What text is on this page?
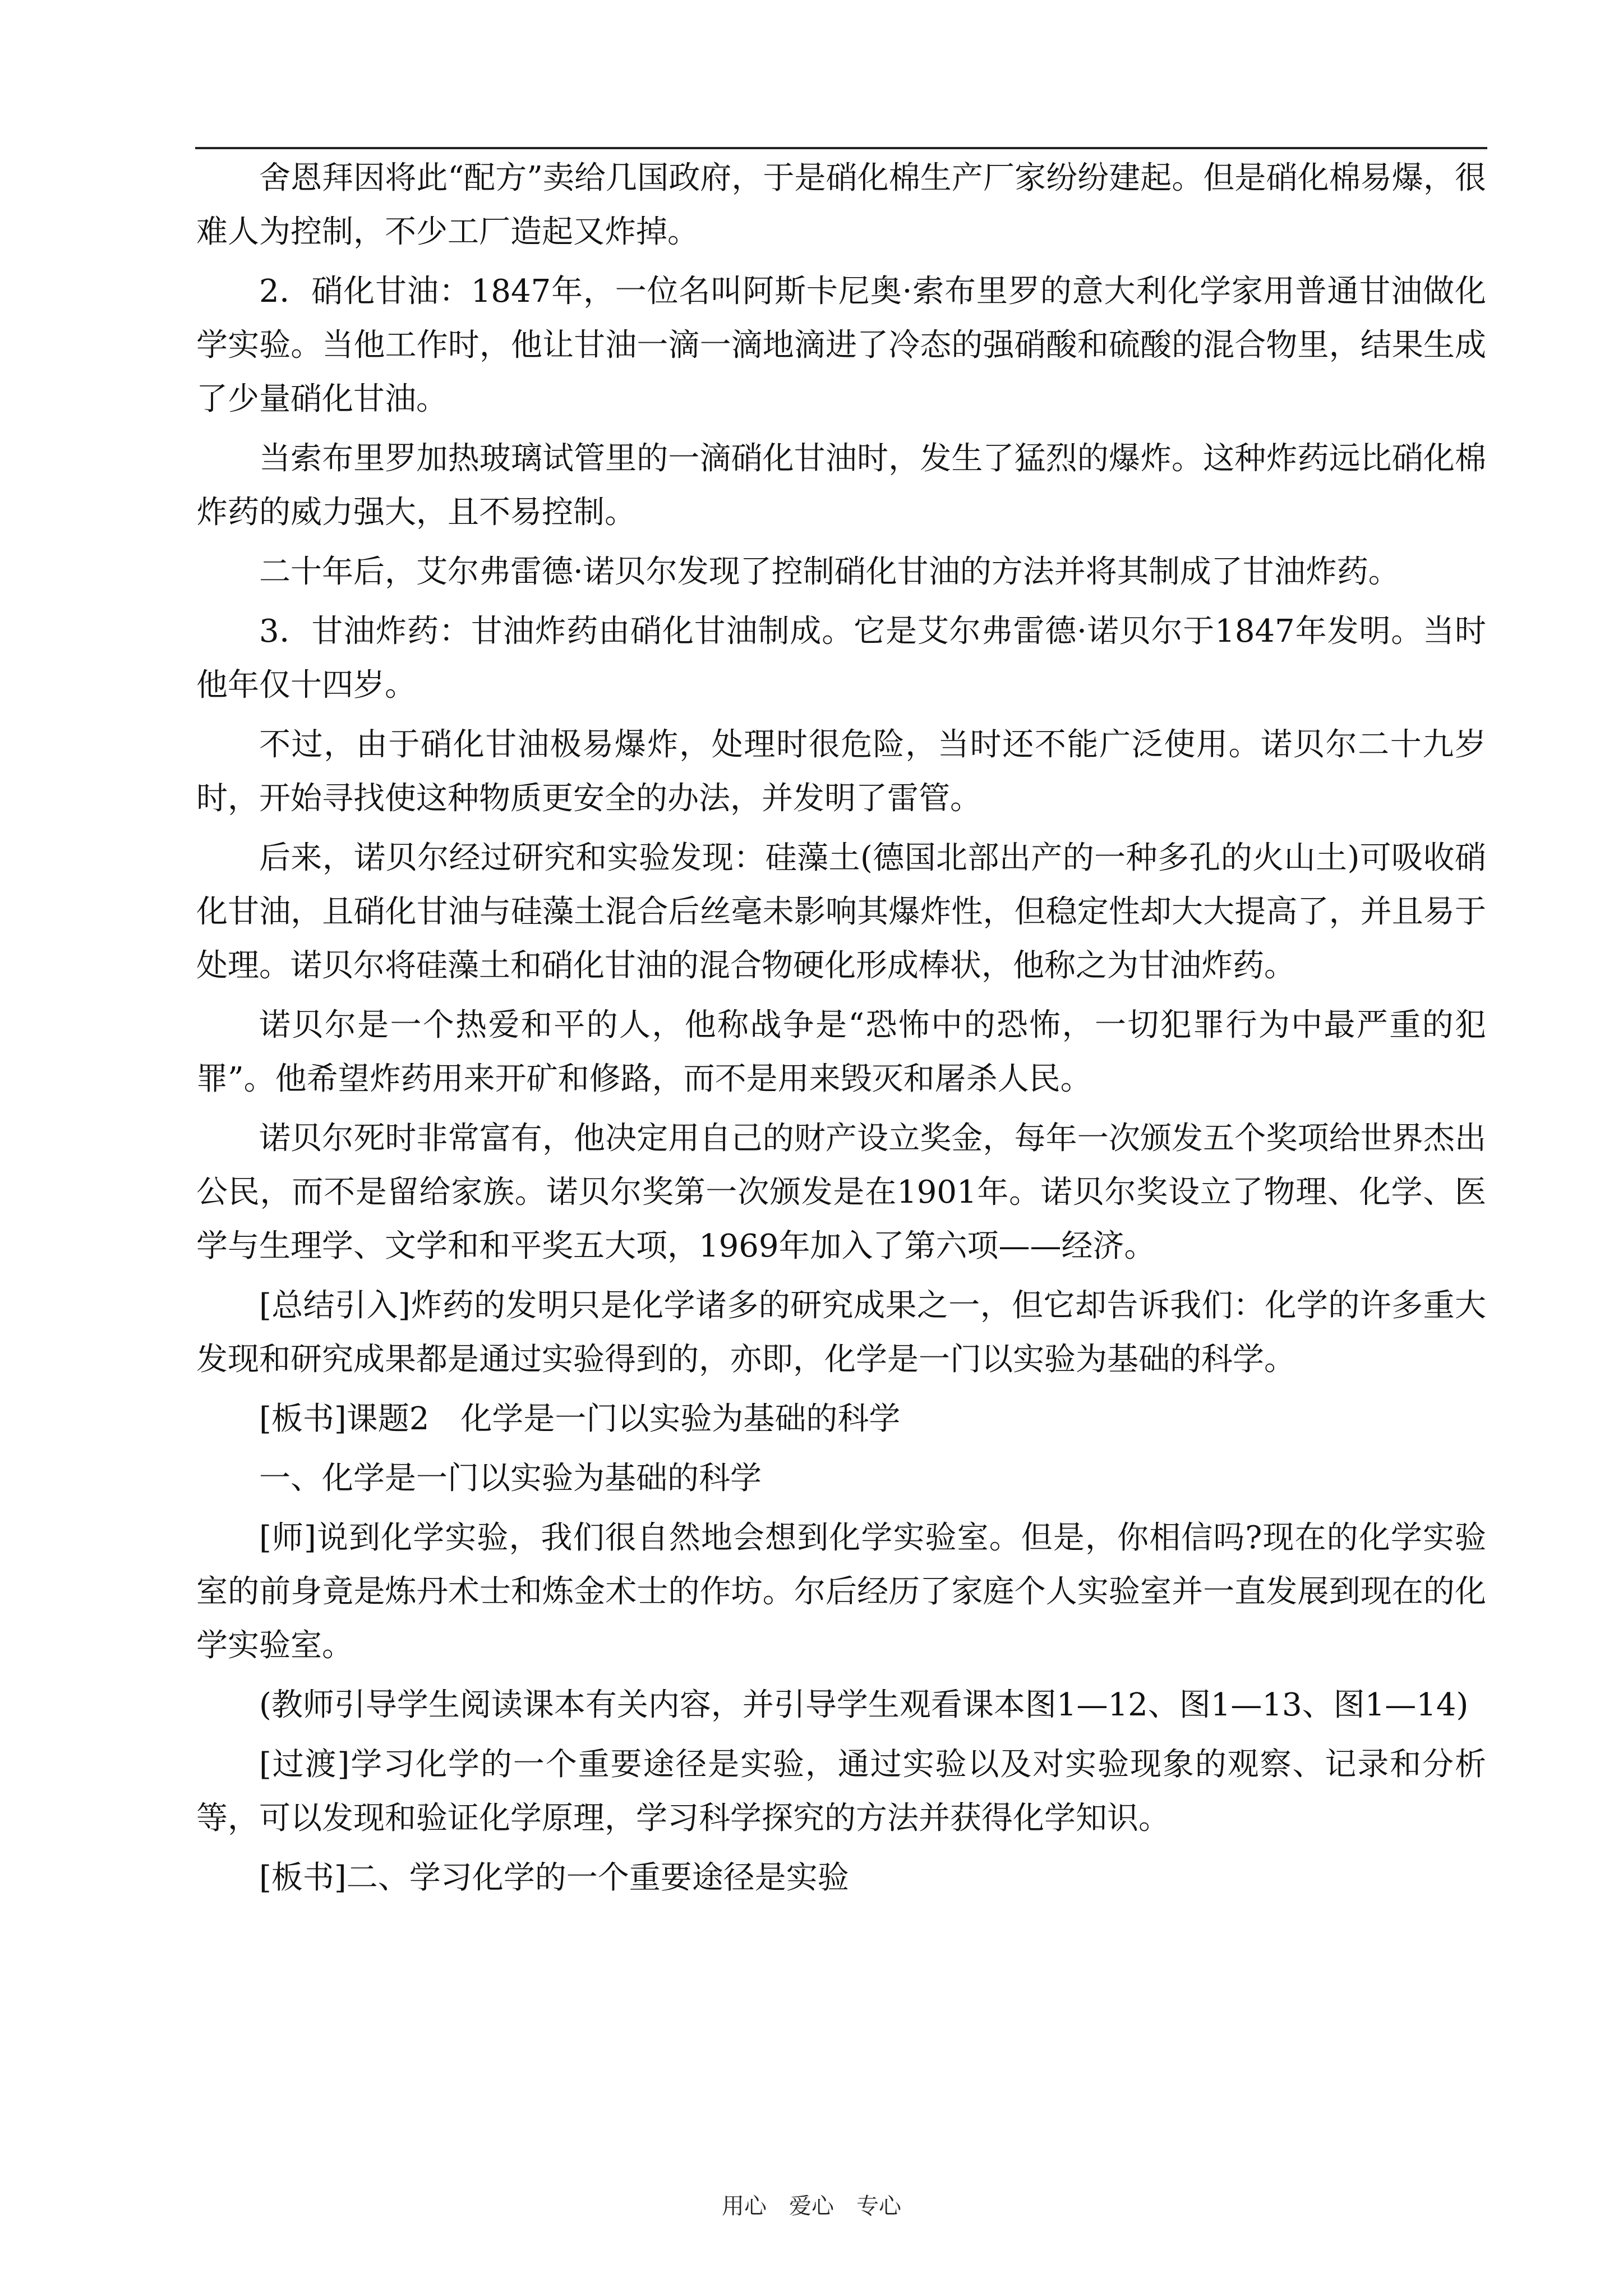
舍恩拜因将此“配方”卖给几国政府，于是硝化棉生产厂家纷纷建起。但是硝化棉易爆，很难人为控制，不少工厂造起又炸掉。

2．硝化甘油：1847年，一位名叫阿斯卡尼奥·索布里罗的意大利化学家用普通甘油做化学实验。当他工作时，他让甘油一滴一滴地滴进了冷态的强硝酸和硫酸的混合物里，结果生成了少量硝化甘油。

当索布里罗加热玻璃试管里的一滴硝化甘油时，发生了猛烈的爆炸。这种炸药远比硝化棉炸药的威力强大，且不易控制。

二十年后，艾尔弗雷德·诺贝尔发现了控制硝化甘油的方法并将其制成了甘油炸药。

3．甘油炸药：甘油炸药由硝化甘油制成。它是艾尔弗雷德·诺贝尔于1847年发明。当时他年仅十四岁。

不过，由于硝化甘油极易爆炸，处理时很危险，当时还不能广泛使用。诺贝尔二十九岁时，开始寻找使这种物质更安全的办法，并发明了雷管。

后来，诺贝尔经过研究和实验发现：硅藻土(德国北部出产的一种多孔的火山土)可吸收硝化甘油，且硝化甘油与硅藻土混合后丝毫未影响其爆炸性，但稳定性却大大提高了，并且易于处理。诺贝尔将硅藻土和硝化甘油的混合物硬化形成棒状，他称之为甘油炸药。

诺贝尔是一个热爱和平的人，他称战争是“恐怖中的恐怖，一切犯罪行为中最严重的犯罪”。他希望炸药用来开矿和修路，而不是用来毁灭和屠杀人民。

诺贝尔死时非常富有，他决定用自己的财产设立奖金，每年一次颁发五个奖项给世界杰出公民，而不是留给家族。诺贝尔奖第一次颁发是在1901年。诺贝尔奖设立了物理、化学、医学与生理学、文学和和平奖五大项，1969年加入了第六项——经济。

[总结引入]炸药的发明只是化学诸多的研究成果之一，但它却告诉我们：化学的许多重大发现和研究成果都是通过实验得到的，亦即，化学是一门以实验为基础的科学。

[板书]课题2　化学是一门以实验为基础的科学

一、化学是一门以实验为基础的科学

[师]说到化学实验，我们很自然地会想到化学实验室。但是，你相信吗?现在的化学实验室的前身竟是炼丹术士和炼金术士的作坊。尔后经历了家庭个人实验室并一直发展到现在的化学实验室。

(教师引导学生阅读课本有关内容，并引导学生观看课本图1—12、图1—13、图1—14)

[过渡]学习化学的一个重要途径是实验，通过实验以及对实验现象的观察、记录和分析等，可以发现和验证化学原理，学习科学探究的方法并获得化学知识。

[板书]二、学习化学的一个重要途径是实验

用心　爱心　专心
